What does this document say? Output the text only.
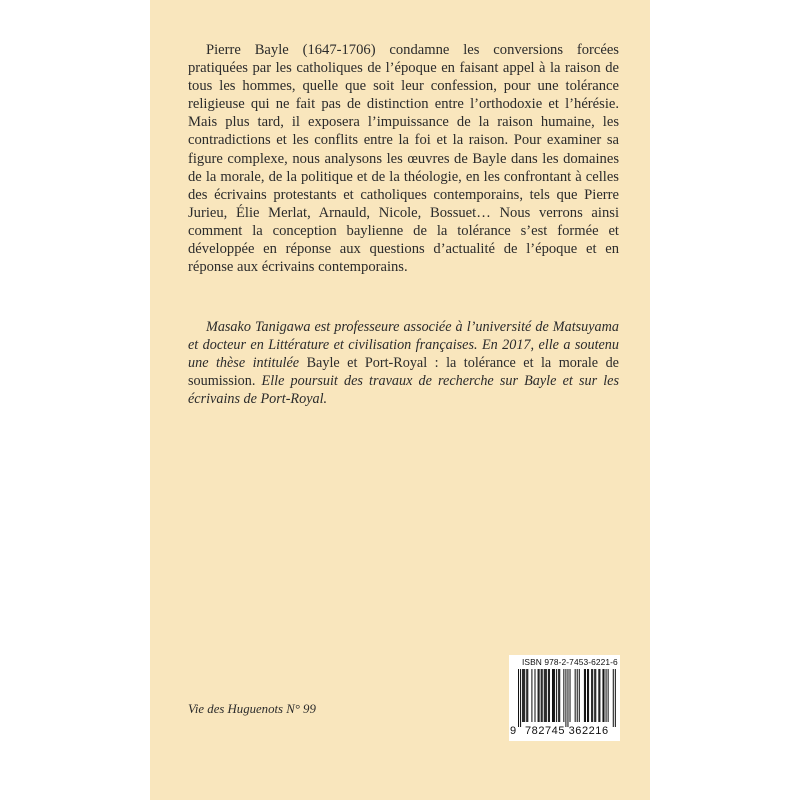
Pierre Bayle (1647-1706) condamne les conversions forcées pratiquées par les catholiques de l’époque en faisant appel à la raison de tous les hommes, quelle que soit leur confession, pour une tolérance religieuse qui ne fait pas de distinction entre l’orthodoxie et l’hérésie. Mais plus tard, il exposera l’impuissance de la raison humaine, les contradictions et les conflits entre la foi et la raison. Pour examiner sa figure complexe, nous analysons les œuvres de Bayle dans les domaines de la morale, de la politique et de la théologie, en les confrontant à celles des écrivains protestants et catholiques contemporains, tels que Pierre Jurieu, Élie Merlat, Arnauld, Nicole, Bossuet… Nous verrons ainsi comment la conception baylienne de la tolérance s’est formée et développée en réponse aux questions d’actualité de l’époque et en réponse aux écrivains contemporains.

Masako Tanigawa est professeure associée à l’université de Matsuyama et docteur en Littérature et civilisation françaises. En 2017, elle a soutenu une thèse intitulée Bayle et Port-Royal : la tolérance et la morale de soumission. Elle poursuit des travaux de recherche sur Bayle et sur les écrivains de Port-Royal.

Vie des Huguenots N° 99

ISBN 978-2-7453-6221-6
9 782745 362216
